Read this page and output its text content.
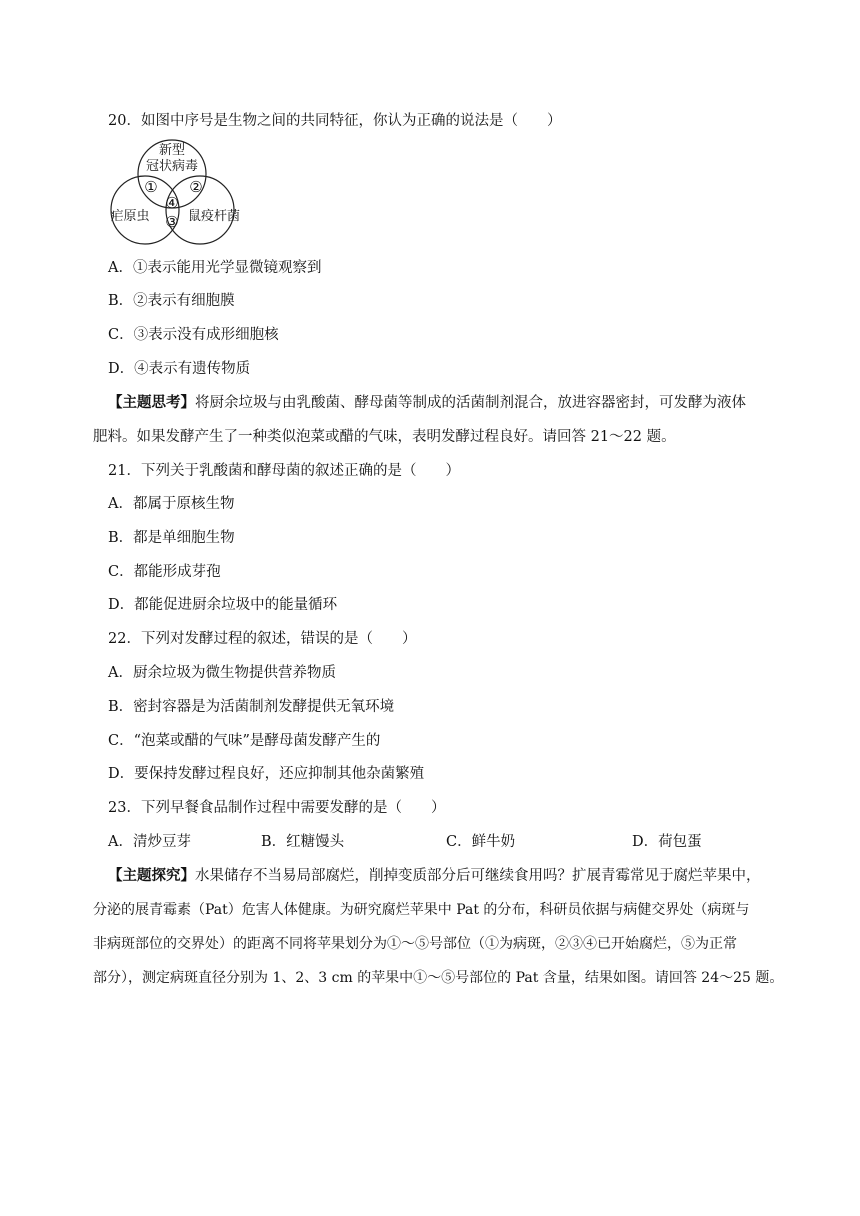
20．如图中序号是生物之间的共同特征，你认为正确的说法是（　　）
新型
冠状病毒
疟原虫	鼠疫杆菌
① ②
④
③
A．①表示能用光学显微镜观察到
B．②表示有细胞膜
C．③表示没有成形细胞核
D．④表示有遗传物质
【主题思考】将厨余垃圾与由乳酸菌、酵母菌等制成的活菌制剂混合，放进容器密封，可发酵为液体
肥料。如果发酵产生了一种类似泡菜或醋的气味，表明发酵过程良好。请回答 21～22 题。
21．下列关于乳酸菌和酵母菌的叙述正确的是（　　）
A．都属于原核生物
B．都是单细胞生物
C．都能形成芽孢
D．都能促进厨余垃圾中的能量循环
22．下列对发酵过程的叙述，错误的是（　　）
A．厨余垃圾为微生物提供营养物质
B．密封容器是为活菌制剂发酵提供无氧环境
C．“泡菜或醋的气味”是酵母菌发酵产生的
D．要保持发酵过程良好，还应抑制其他杂菌繁殖
23．下列早餐食品制作过程中需要发酵的是（　　）
A．清炒豆芽	B．红糖馒头	C．鲜牛奶	D．荷包蛋
【主题探究】水果储存不当易局部腐烂，削掉变质部分后可继续食用吗？扩展青霉常见于腐烂苹果中，
分泌的展青霉素（Pat）危害人体健康。为研究腐烂苹果中 Pat 的分布，科研员依据与病健交界处（病斑与
非病斑部位的交界处）的距离不同将苹果划分为①～⑤号部位（①为病斑，②③④已开始腐烂，⑤为正常
部分），测定病斑直径分别为 1、2、3 cm 的苹果中①～⑤号部位的 Pat 含量，结果如图。请回答 24～25 题。
